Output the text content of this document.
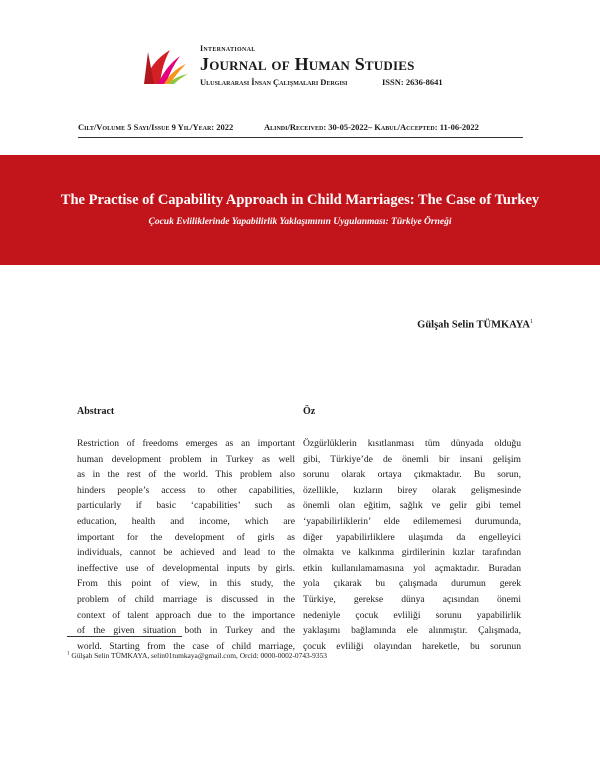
International
Journal of Human Studies
Uluslararası İnsan Çalışmaları Dergisi	ISSN: 2636-8641
Cilt/Volume 5 Sayı/Issue 9 Yıl/Year: 2022	Alındı/Received: 30-05-2022– Kabul/Accepted: 11-06-2022
The Practise of Capability Approach in Child Marriages: The Case of Turkey
Çocuk Evliliklerinde Yapabilirlik Yaklaşımının Uygulanması: Türkiye Örneği
Gülşah Selin TÜMKAYA$^1$
Abstract	Öz
Restriction of freedoms emerges as an important
human development problem in Turkey as well
as in the rest of the world. This problem also
hinders people’s access to other capabilities,
particularly if basic ‘capabilities’ such as
education, health and income, which are
important for the development of girls as
individuals, cannot be achieved and lead to the
ineffective use of developmental inputs by girls.
From this point of view, in this study, the
problem of child marriage is discussed in the
context of talent approach due to the importance
of the given situation both in Turkey and the
world. Starting from the case of child marriage,
Özgürlüklerin kısıtlanması tüm dünyada olduğu
gibi, Türkiye’de de önemli bir insani gelişim
sorunu olarak ortaya çıkmaktadır. Bu sorun,
özellikle, kızların birey olarak gelişmesinde
önemli olan eğitim, sağlık ve gelir gibi temel
‘yapabilirliklerin’ elde edilememesi durumunda,
diğer yapabilirliklere ulaşımda da engelleyici
olmakta ve kalkınma girdilerinin kızlar tarafından
etkin kullanılamamasına yol açmaktadır. Buradan
yola çıkarak bu çalışmada durumun gerek
Türkiye, gerekse dünya açısından önemi
nedeniyle çocuk evliliği sorunu yapabilirlik
yaklaşımı bağlamında ele alınmıştır. Çalışmada,
çocuk evliliği olayından hareketle, bu sorunun
$^1$ Gülşah Selin TÜMKAYA, selin01tumkaya@gmail.com, Orcid: 0000-0002-0743-9353
